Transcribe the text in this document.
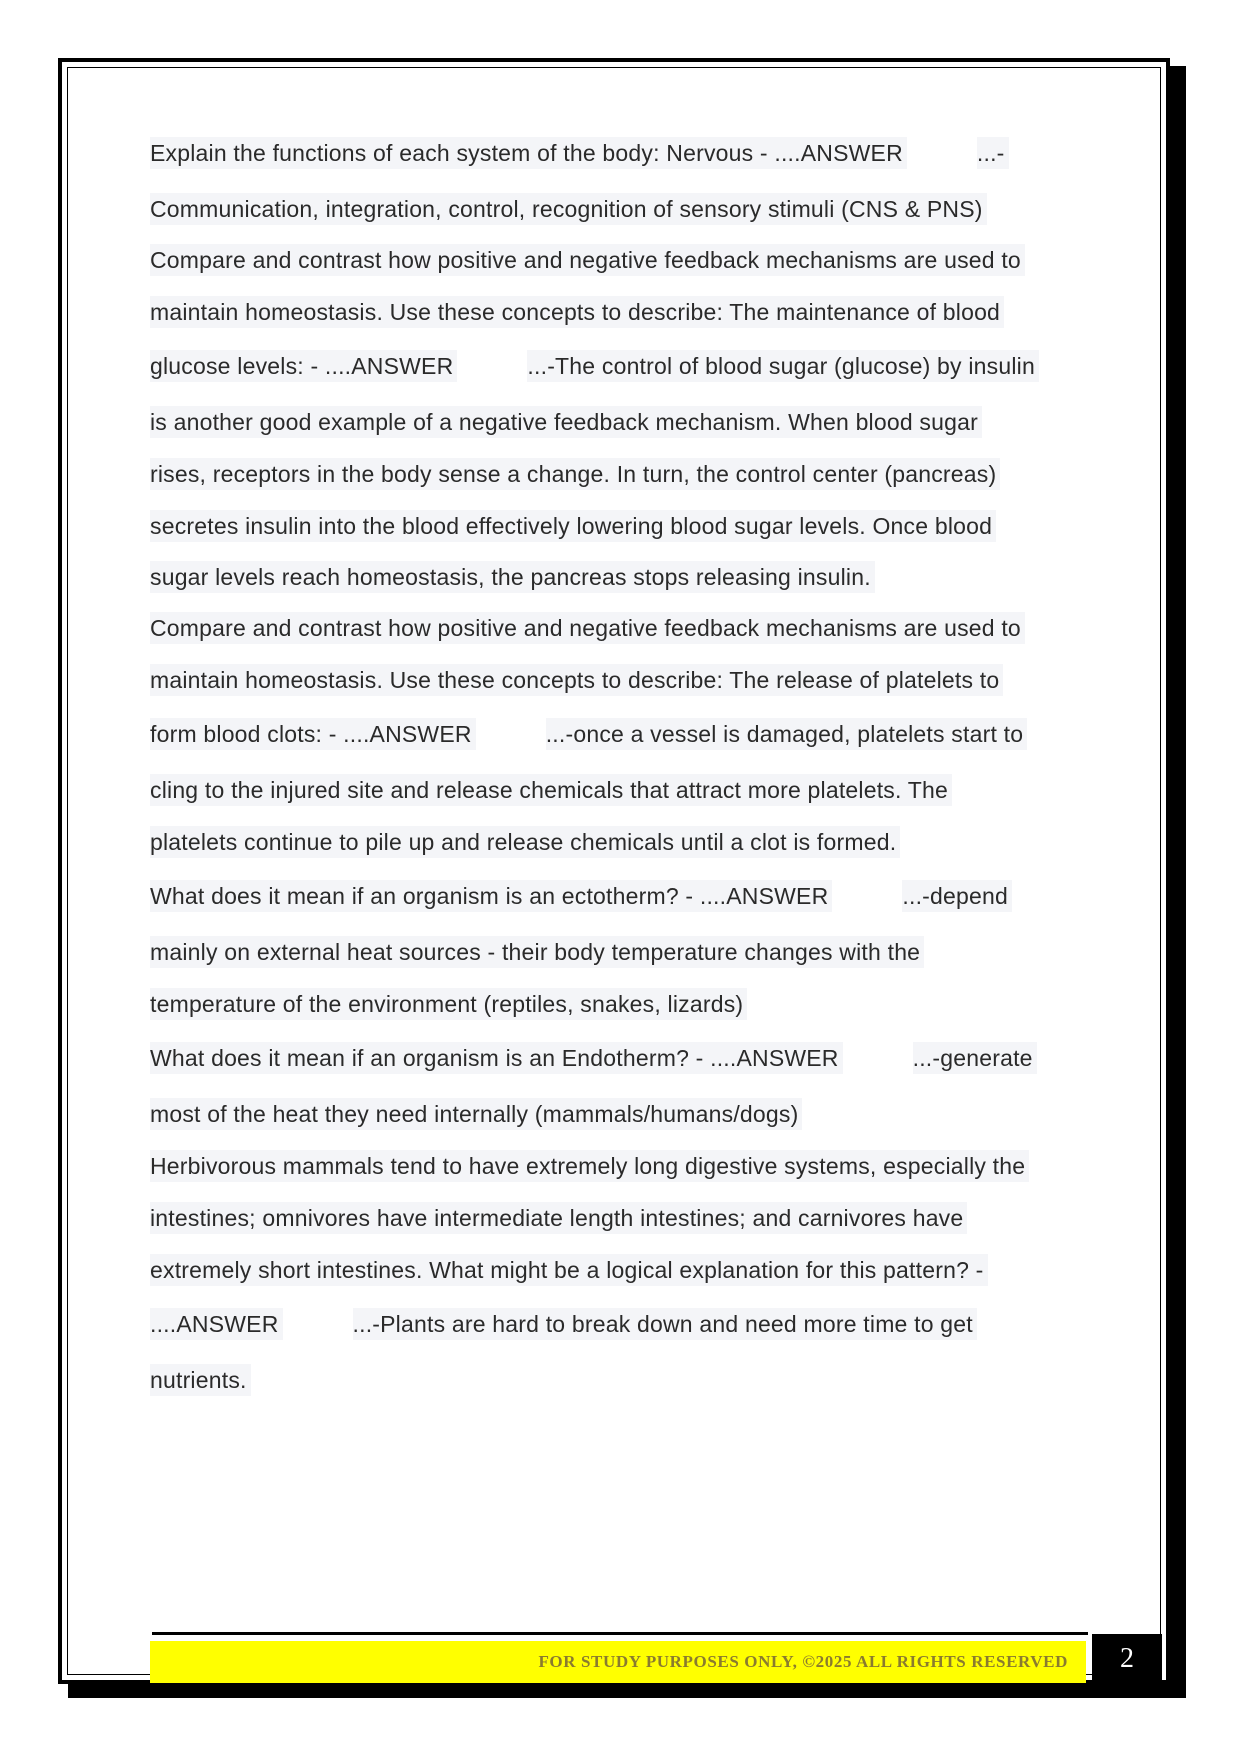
Explain the functions of each system of the body: Nervous - ....ANSWER	...-
Communication, integration, control, recognition of sensory stimuli (CNS & PNS)
Compare and contrast how positive and negative feedback mechanisms are used to
maintain homeostasis. Use these concepts to describe: The maintenance of blood
glucose levels: - ....ANSWER	...-The control of blood sugar (glucose) by insulin
is another good example of a negative feedback mechanism. When blood sugar
rises, receptors in the body sense a change. In turn, the control center (pancreas)
secretes insulin into the blood effectively lowering blood sugar levels. Once blood
sugar levels reach homeostasis, the pancreas stops releasing insulin.
Compare and contrast how positive and negative feedback mechanisms are used to
maintain homeostasis. Use these concepts to describe: The release of platelets to
form blood clots: - ....ANSWER	...-once a vessel is damaged, platelets start to
cling to the injured site and release chemicals that attract more platelets. The
platelets continue to pile up and release chemicals until a clot is formed.
What does it mean if an organism is an ectotherm? - ....ANSWER	...-depend
mainly on external heat sources - their body temperature changes with the
temperature of the environment (reptiles, snakes, lizards)
What does it mean if an organism is an Endotherm? - ....ANSWER	...-generate
most of the heat they need internally (mammals/humans/dogs)
Herbivorous mammals tend to have extremely long digestive systems, especially the
intestines; omnivores have intermediate length intestines; and carnivores have
extremely short intestines. What might be a logical explanation for this pattern? -
....ANSWER	...-Plants are hard to break down and need more time to get
nutrients.
FOR STUDY PURPOSES ONLY, ©2025 ALL RIGHTS RESERVED	2
